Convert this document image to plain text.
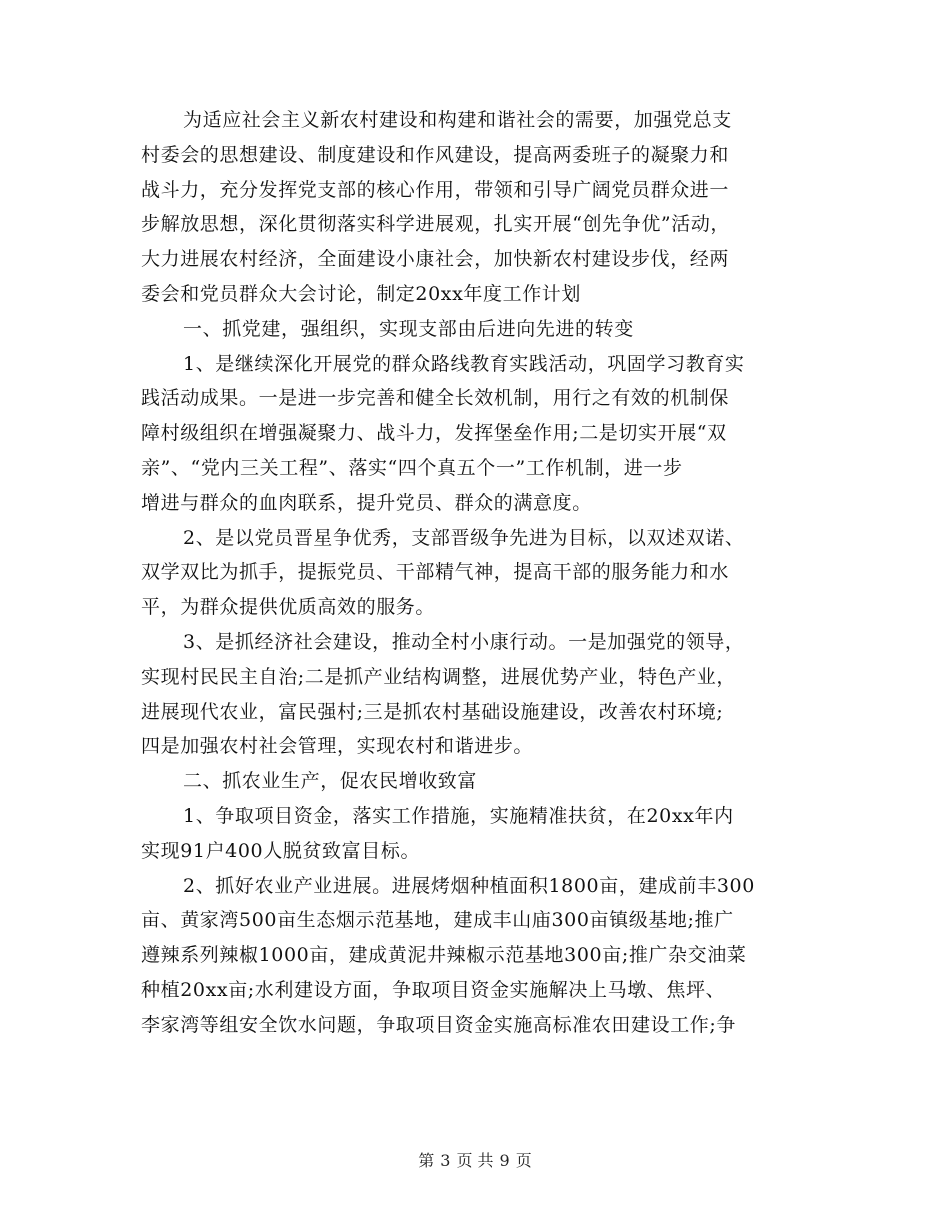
为适应社会主义新农村建设和构建和谐社会的需要，加强党总支
村委会的思想建设、制度建设和作风建设，提高两委班子的凝聚力和
战斗力，充分发挥党支部的核心作用，带领和引导广阔党员群众进一
步解放思想，深化贯彻落实科学进展观，扎实开展“创先争优”活动，
大力进展农村经济，全面建设小康社会，加快新农村建设步伐，经两
委会和党员群众大会讨论，制定20xx年度工作计划
一、抓党建，强组织，实现支部由后进向先进的转变
1、是继续深化开展党的群众路线教育实践活动，巩固学习教育实
践活动成果。一是进一步完善和健全长效机制，用行之有效的机制保
障村级组织在增强凝聚力、战斗力，发挥堡垒作用;二是切实开展“双
亲”、“党内三关工程”、落实“四个真五个一”工作机制，进一步
增进与群众的血肉联系，提升党员、群众的满意度。
2、是以党员晋星争优秀，支部晋级争先进为目标，以双述双诺、
双学双比为抓手，提振党员、干部精气神，提高干部的服务能力和水
平，为群众提供优质高效的服务。
3、是抓经济社会建设，推动全村小康行动。一是加强党的领导，
实现村民民主自治;二是抓产业结构调整，进展优势产业，特色产业，
进展现代农业，富民强村;三是抓农村基础设施建设，改善农村环境;
四是加强农村社会管理，实现农村和谐进步。
二、抓农业生产，促农民增收致富
1、争取项目资金，落实工作措施，实施精准扶贫，在20xx年内
实现91户400人脱贫致富目标。
2、抓好农业产业进展。进展烤烟种植面积1800亩，建成前丰300
亩、黄家湾500亩生态烟示范基地，建成丰山庙300亩镇级基地;推广
遵辣系列辣椒1000亩，建成黄泥井辣椒示范基地300亩;推广杂交油菜
种植20xx亩;水利建设方面，争取项目资金实施解决上马墩、焦坪、
李家湾等组安全饮水问题，争取项目资金实施高标准农田建设工作;争
第 3 页 共 9 页
